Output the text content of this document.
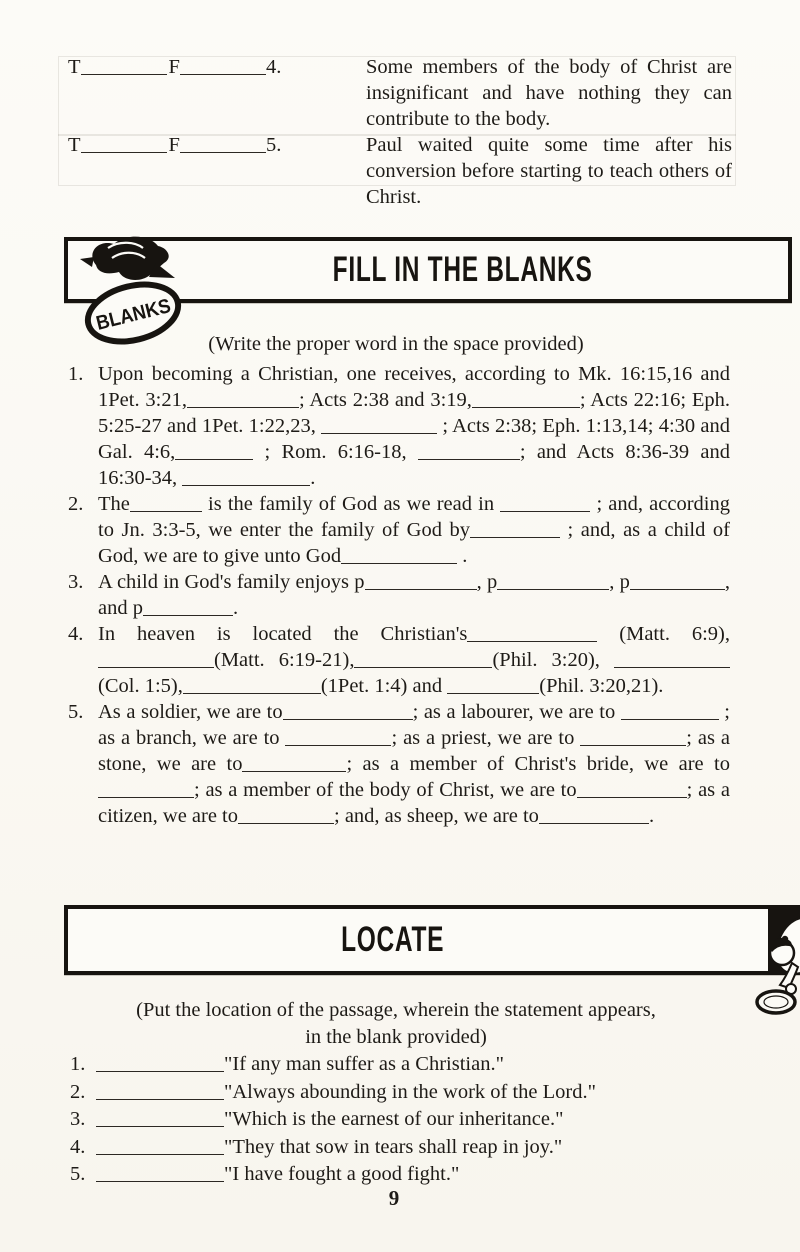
T	F	4.	Some members of the body of Christ are insignificant and have nothing they can contribute to the body.
T	F	5.	Paul waited quite some time after his conversion before starting to teach others of Christ.
BLANKS
FILL IN THE BLANKS
(Write the proper word in the space provided)
1. Upon becoming a Christian, one receives, according to Mk. 16:15,16 and 1Pet. 3:21,	; Acts 2:38 and 3:19,	; Acts 22:16; Eph. 5:25-27 and 1Pet. 1:22,23,	; Acts 2:38; Eph. 1:13,14; 4:30 and Gal. 4:6,	; Rom. 6:16-18,	; and Acts 8:36-39 and 16:30-34,	.

2. The	is the family of God as we read in	; and, according to Jn. 3:3-5, we enter the family of God by	; and, as a child of God, we are to give unto God	.

3. A child in God's family enjoys p	, p	, p	, and p	.

4. In heaven is located the Christian's	(Matt. 6:9), (Matt. 6:19-21),	(Phil. 3:20), (Col. 1:5),	(1Pet. 1:4) and	(Phil. 3:20,21).

5. As a soldier, we are to	; as a labourer, we are to	; as a branch, we are to	; as a priest, we are to	; as a stone, we are to	; as a member of Christ's bride, we are to; as a member of the body of Christ, we are to	; as a citizen, we are to	; and, as sheep, we are to	.

LOCATE
(Put the location of the passage, wherein the statement appears,
in the blank provided)
1.	"If any man suffer as a Christian."
2.	"Always abounding in the work of the Lord."
3.	"Which is the earnest of our inheritance."
4.	"They that sow in tears shall reap in joy."
5.	"I have fought a good fight."
9
